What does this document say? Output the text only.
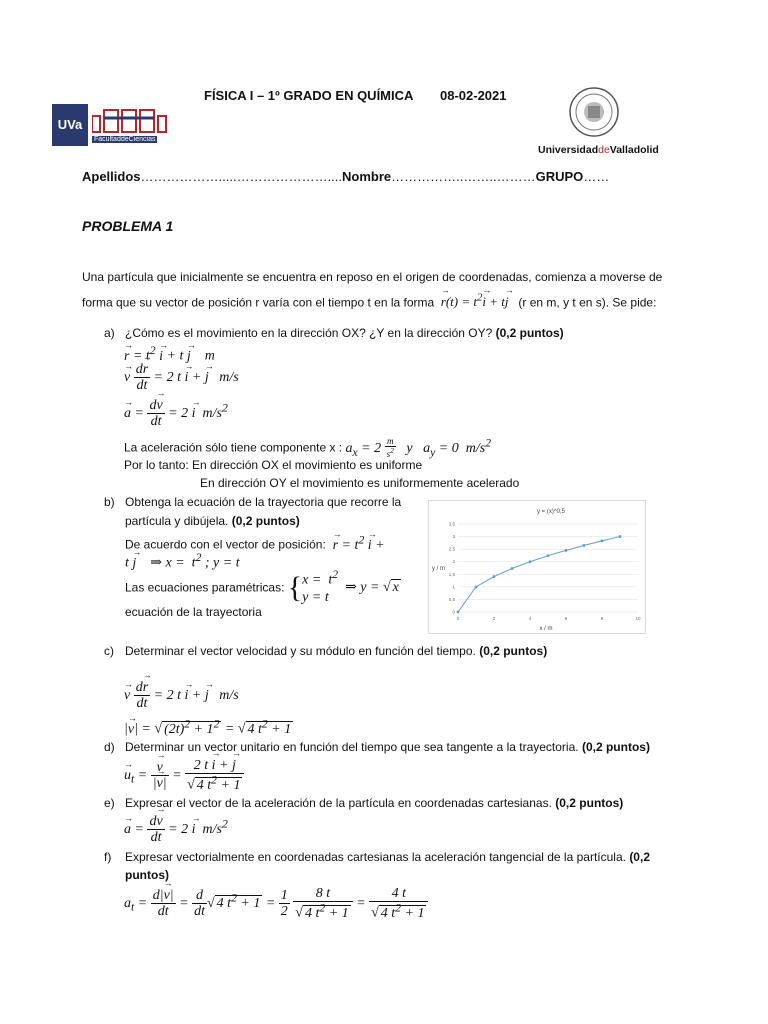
UVa
FacultaddeCiencias
FÍSICA I – 1º GRADO EN QUÍMICA 08-02-2021
UniversidaddeValladolid
Apellidos……………….....…………………....Nombre……………..……..………GRUPO……
PROBLEMA 1
Una partícula que inicialmente se encuentra en reposo en el origen de coordenadas, comienza a moverse de
forma que su vector de posición r varía con el tiempo t en la forma → $r(t) = t^2\to i + t\to j$ (r en m, y t en s). Se pide:
a) ¿Cómo es el movimiento en la dirección OX? ¿Y en la dirección OY? (0,2 puntos)
→ $r = t^2 \to i + t \to j$    m
→ v $\frac{d\to r}{dt} = 2$ t → i + → j   m/s
→ $a = \frac{d\to v}{dt} = 2 \to i$  $m/s^2$
La aceleración sólo tiene componente x : $a_x = 2 \frac{m}{s^2}$ y   $a_y = 0$  $m/s^2$
Por lo tanto: En dirección OX el movimiento es uniforme
En dirección OY el movimiento es uniformemente acelerado
b) Obtenga la ecuación de la trayectoria que recorre la
partícula y dibújela. (0,2 puntos)
De acuerdo con el vector de posición: → $r = t^2 \to i$ +
t → j    ⇒ $x = t^2$ ; y = t
Las ecuaciones paramétricas: {$x = t^2$
y = t  ⇒ y = √ x
ecuación de la trayectoria	0
0,5
1
1,5
2
2,5
3
3,5
0	2	4	6	8	10
y = (x)^0,5
x / m
y / m
c) Determinar el vector velocidad y su módulo en función del tiempo. (0,2 puntos)
→ v $\frac{d\to r}{dt} = 2$ t → i + → j   m/s
|→ v| = √ $(2t)^2 + 1^2$ = √ 4 $t^2 + 1$
d) Determinar un vector unitario en función del tiempo que sea tangente a la trayectoria. (0,2 puntos)
→ $u_t$ = → $\frac{v}{|\to v|} = \frac{2 t \to i + \to j}{√ 4 t^2 + 1}$
e) Expresar el vector de la aceleración de la partícula en coordenadas cartesianas. (0,2 puntos)
→ $a = \frac{d\to v}{dt} = 2 \to i$  $m/s^2$
f) Expresar vectorialmente en coordenadas cartesianas la aceleración tangencial de la partícula. (0,2
puntos)
$a_t = \frac{d|\to v|}{dt} = \frac{d}{dt}$ √ 4 $t^2 + 1 = \frac{1}{2}$
$\frac{8 t}{√ 4 t^2 + 1} = \frac{4 t}{√ 4 t^2 + 1}$
